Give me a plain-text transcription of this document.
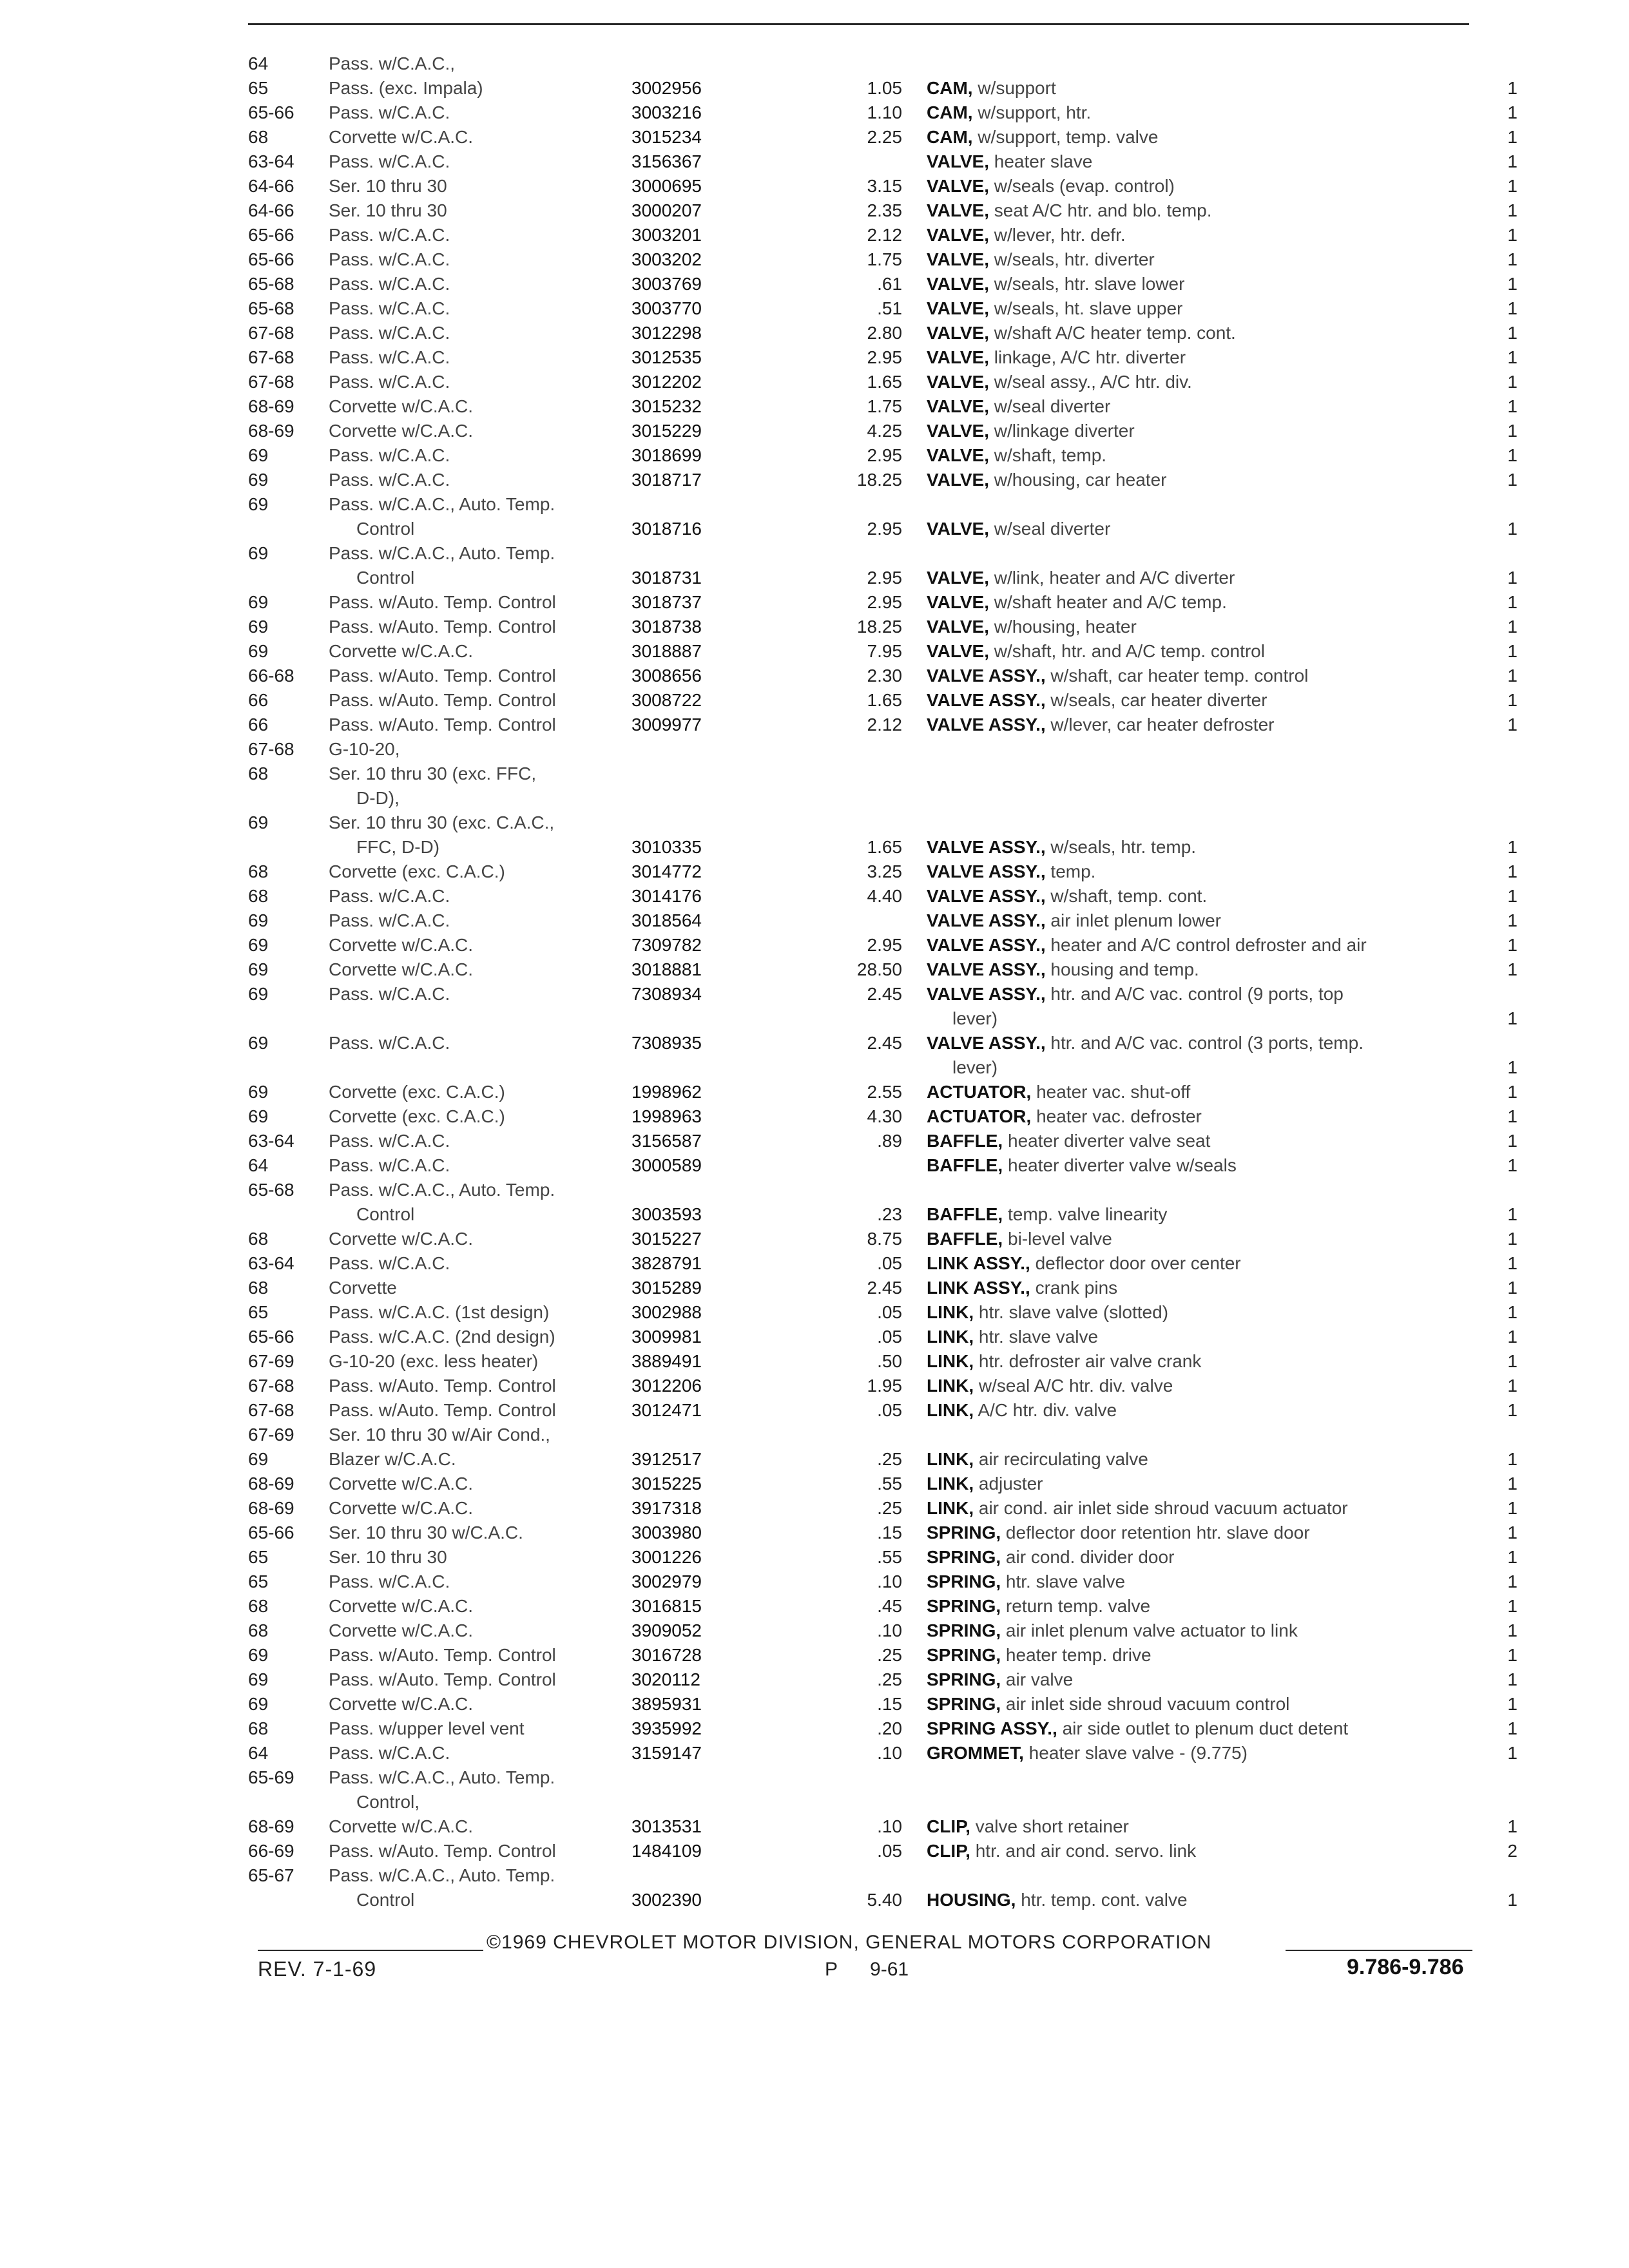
64	Pass. w/C.A.C.,
65	Pass. (exc. Impala)	3002956	1.05 CAM, w/support	1
65-66	Pass. w/C.A.C.	3003216	1.10 CAM, w/support, htr.	1
68	Corvette w/C.A.C.	3015234	2.25 CAM, w/support, temp. valve	1
63-64	Pass. w/C.A.C.	3156367	VALVE, heater slave	1
64-66	Ser. 10 thru 30	3000695	3.15 VALVE, w/seals (evap. control)	1
64-66	Ser. 10 thru 30	3000207	2.35 VALVE, seat A/C htr. and blo. temp.	1
65-66	Pass. w/C.A.C.	3003201	2.12 VALVE, w/lever, htr. defr.	1
65-66	Pass. w/C.A.C.	3003202	1.75 VALVE, w/seals, htr. diverter	1
65-68	Pass. w/C.A.C.	3003769	.61 VALVE, w/seals, htr. slave lower	1
65-68	Pass. w/C.A.C.	3003770	.51 VALVE, w/seals, ht. slave upper	1
67-68	Pass. w/C.A.C.	3012298	2.80 VALVE, w/shaft A/C heater temp. cont.	1
67-68	Pass. w/C.A.C.	3012535	2.95 VALVE, linkage, A/C htr. diverter	1
67-68	Pass. w/C.A.C.	3012202	1.65 VALVE, w/seal assy., A/C htr. div.	1
68-69	Corvette w/C.A.C.	3015232	1.75 VALVE, w/seal diverter	1
68-69	Corvette w/C.A.C.	3015229	4.25 VALVE, w/linkage diverter	1
69	Pass. w/C.A.C.	3018699	2.95 VALVE, w/shaft, temp.	1
69	Pass. w/C.A.C.	3018717	18.25 VALVE, w/housing, car heater	1
69	Pass. w/C.A.C., Auto. Temp.
Control	3018716	2.95 VALVE, w/seal diverter	1
69	Pass. w/C.A.C., Auto. Temp.
Control	3018731	2.95 VALVE, w/link, heater and A/C diverter	1
69	Pass. w/Auto. Temp. Control	3018737	2.95 VALVE, w/shaft heater and A/C temp.	1
69	Pass. w/Auto. Temp. Control	3018738	18.25 VALVE, w/housing, heater	1
69	Corvette w/C.A.C.	3018887	7.95 VALVE, w/shaft, htr. and A/C temp. control	1
66-68	Pass. w/Auto. Temp. Control	3008656	2.30 VALVE ASSY., w/shaft, car heater temp. control	1
66	Pass. w/Auto. Temp. Control	3008722	1.65 VALVE ASSY., w/seals, car heater diverter	1
66	Pass. w/Auto. Temp. Control	3009977	2.12 VALVE ASSY., w/lever, car heater defroster	1
67-68	G-10-20,
68	Ser. 10 thru 30 (exc. FFC,
D-D),
69	Ser. 10 thru 30 (exc. C.A.C.,
FFC, D-D)	3010335	1.65 VALVE ASSY., w/seals, htr. temp.	1
68	Corvette (exc. C.A.C.)	3014772	3.25 VALVE ASSY., temp.	1
68	Pass. w/C.A.C.	3014176	4.40 VALVE ASSY., w/shaft, temp. cont.	1
69	Pass. w/C.A.C.	3018564	VALVE ASSY., air inlet plenum lower	1
69	Corvette w/C.A.C.	7309782	2.95 VALVE ASSY., heater and A/C control defroster and air	1
69	Corvette w/C.A.C.	3018881	28.50 VALVE ASSY., housing and temp.	1
69	Pass. w/C.A.C.	7308934	2.45 VALVE ASSY., htr. and A/C vac. control (9 ports, top
lever)	1
69	Pass. w/C.A.C.	7308935	2.45 VALVE ASSY., htr. and A/C vac. control (3 ports, temp.
lever)	1
69	Corvette (exc. C.A.C.)	1998962	2.55 ACTUATOR, heater vac. shut-off	1
69	Corvette (exc. C.A.C.)	1998963	4.30 ACTUATOR, heater vac. defroster	1
63-64	Pass. w/C.A.C.	3156587	.89 BAFFLE, heater diverter valve seat	1
64	Pass. w/C.A.C.	3000589	BAFFLE, heater diverter valve w/seals	1
65-68	Pass. w/C.A.C., Auto. Temp.
Control	3003593	.23 BAFFLE, temp. valve linearity	1
68	Corvette w/C.A.C.	3015227	8.75 BAFFLE, bi-level valve	1
63-64	Pass. w/C.A.C.	3828791	.05 LINK ASSY., deflector door over center	1
68	Corvette	3015289	2.45 LINK ASSY., crank pins	1
65	Pass. w/C.A.C. (1st design)	3002988	.05 LINK, htr. slave valve (slotted)	1
65-66	Pass. w/C.A.C. (2nd design)	3009981	.05 LINK, htr. slave valve	1
67-69	G-10-20 (exc. less heater)	3889491	.50 LINK, htr. defroster air valve crank	1
67-68	Pass. w/Auto. Temp. Control	3012206	1.95 LINK, w/seal A/C htr. div. valve	1
67-68	Pass. w/Auto. Temp. Control	3012471	.05 LINK, A/C htr. div. valve	1
67-69	Ser. 10 thru 30 w/Air Cond.,
69	Blazer w/C.A.C.	3912517	.25 LINK, air recirculating valve	1
68-69	Corvette w/C.A.C.	3015225	.55 LINK, adjuster	1
68-69	Corvette w/C.A.C.	3917318	.25 LINK, air cond. air inlet side shroud vacuum actuator	1
65-66	Ser. 10 thru 30 w/C.A.C.	3003980	.15 SPRING, deflector door retention htr. slave door	1
65	Ser. 10 thru 30	3001226	.55 SPRING, air cond. divider door	1
65	Pass. w/C.A.C.	3002979	.10 SPRING, htr. slave valve	1
68	Corvette w/C.A.C.	3016815	.45 SPRING, return temp. valve	1
68	Corvette w/C.A.C.	3909052	.10 SPRING, air inlet plenum valve actuator to link	1
69	Pass. w/Auto. Temp. Control	3016728	.25 SPRING, heater temp. drive	1
69	Pass. w/Auto. Temp. Control	3020112	.25 SPRING, air valve	1
69	Corvette w/C.A.C.	3895931	.15 SPRING, air inlet side shroud vacuum control	1
68	Pass. w/upper level vent	3935992	.20 SPRING ASSY., air side outlet to plenum duct detent	1
64	Pass. w/C.A.C.	3159147	.10 GROMMET, heater slave valve - (9.775)	1
65-69	Pass. w/C.A.C., Auto. Temp.
Control,
68-69	Corvette w/C.A.C.	3013531	.10 CLIP, valve short retainer	1
66-69	Pass. w/Auto. Temp. Control	1484109	.05 CLIP, htr. and air cond. servo. link	2
65-67	Pass. w/C.A.C., Auto. Temp.
Control	3002390	5.40 HOUSING, htr. temp. cont. valve	1
©1969 CHEVROLET MOTOR DIVISION, GENERAL MOTORS CORPORATION
REV. 7-1-69	P 9-61	9.786-9.786
